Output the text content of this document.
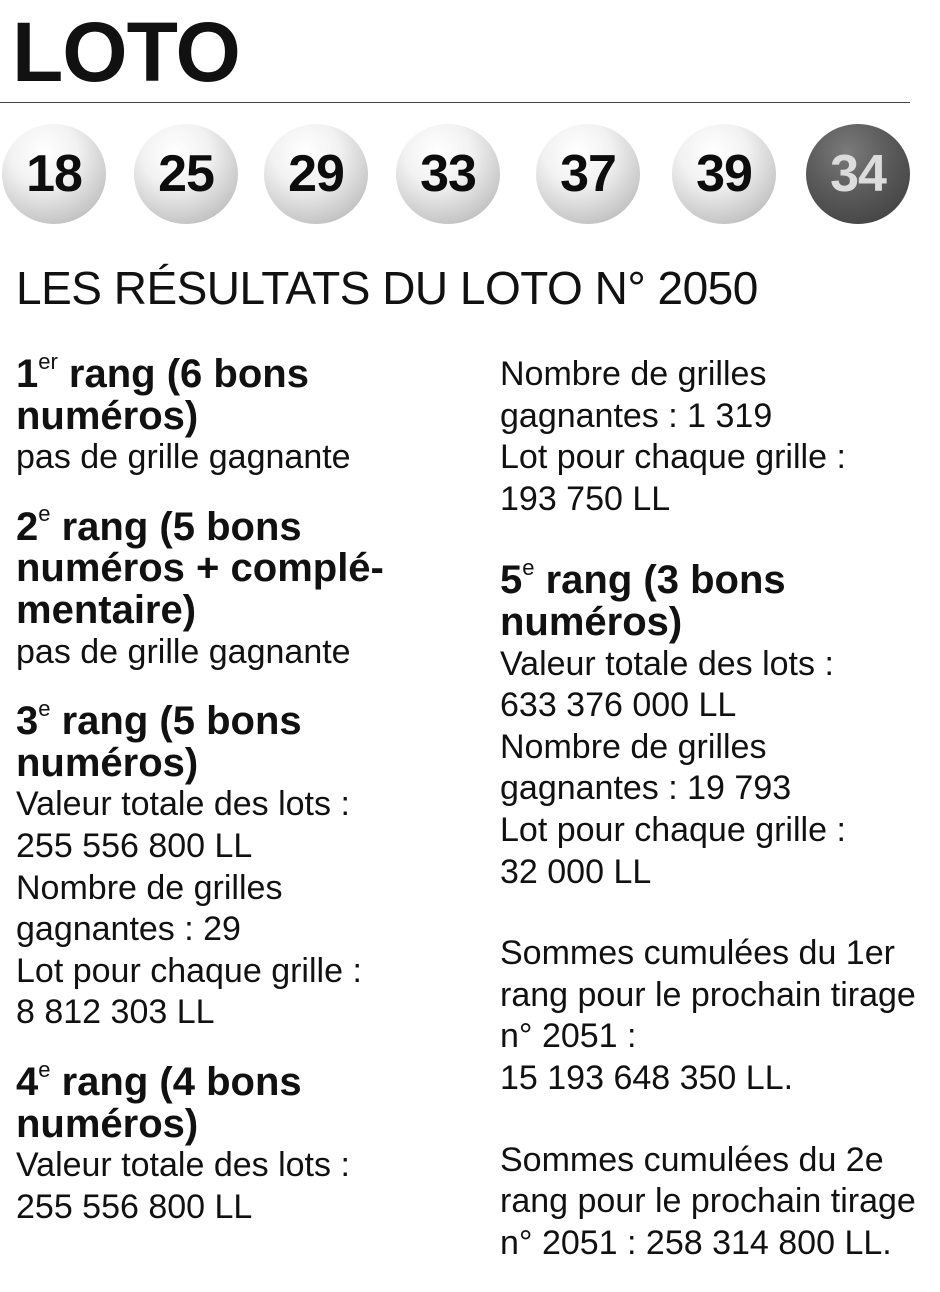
LOTO
18	25	29	33	37	39	34
LES RÉSULTATS DU LOTO N° 2050

1er rang (6 bons

numéros)

pas de grille gagnante

2e rang (5 bons

numéros + complé-

mentaire)

pas de grille gagnante

3e rang (5 bons

numéros)

Valeur totale des lots :

255 556 800 LL

Nombre de grilles

gagnantes : 29

Lot pour chaque grille :

8 812 303 LL

4e rang (4 bons

numéros)

Valeur totale des lots :

255 556 800 LL

Nombre de grilles

gagnantes : 1 319

Lot pour chaque grille :

193 750 LL

5e rang (3 bons

numéros)

Valeur totale des lots :

633 376 000 LL

Nombre de grilles

gagnantes : 19 793

Lot pour chaque grille :

32 000 LL

Sommes cumulées du 1er

rang pour le prochain tirage

n° 2051 :

15 193 648 350 LL.

Sommes cumulées du 2e

rang pour le prochain tirage

n° 2051 : 258 314 800 LL.
